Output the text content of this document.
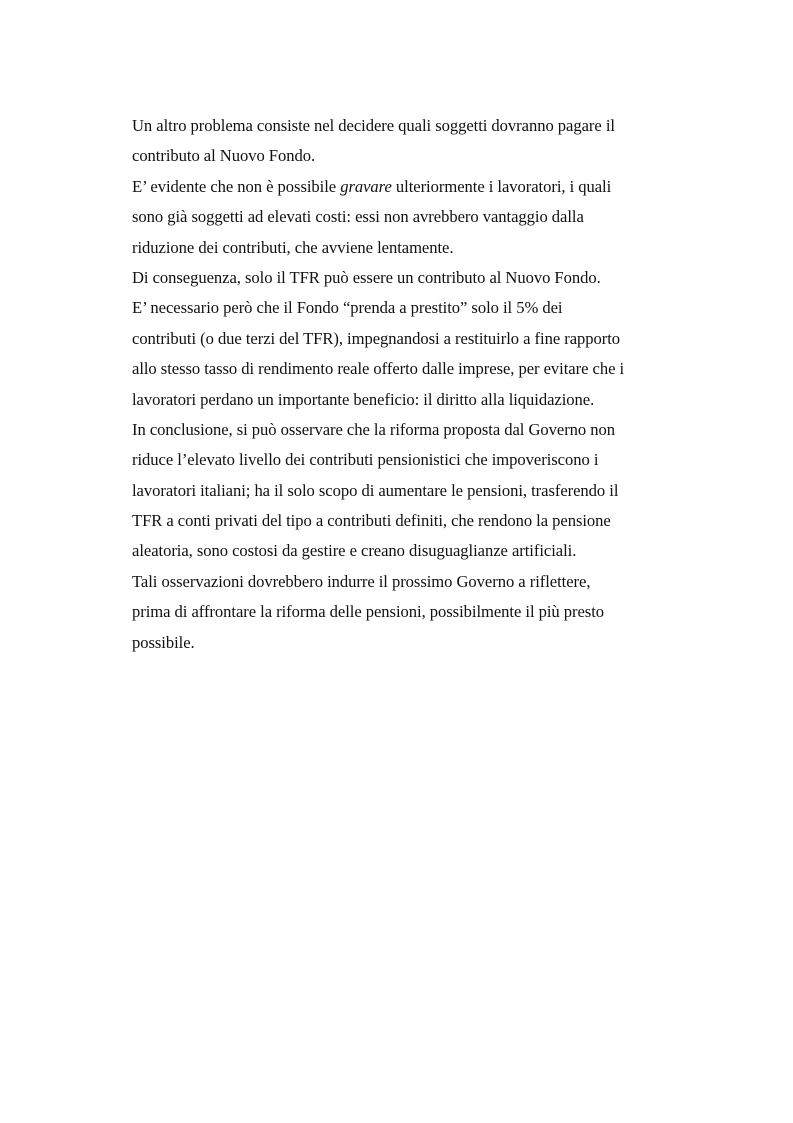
Un altro problema consiste nel decidere quali soggetti dovranno pagare il
contributo al Nuovo Fondo.
E’ evidente che non è possibile gravare ulteriormente i lavoratori, i quali
sono già soggetti ad elevati costi: essi non avrebbero vantaggio dalla
riduzione dei contributi, che avviene lentamente.
Di conseguenza, solo il TFR può essere un contributo al Nuovo Fondo.
E’ necessario però che il Fondo “prenda a prestito” solo il 5% dei
contributi (o due terzi del TFR), impegnandosi a restituirlo a fine rapporto
allo stesso tasso di rendimento reale offerto dalle imprese, per evitare che i
lavoratori perdano un importante beneficio: il diritto alla liquidazione.
In conclusione, si può osservare che la riforma proposta dal Governo non
riduce l’elevato livello dei contributi pensionistici che impoveriscono i
lavoratori italiani; ha il solo scopo di aumentare le pensioni, trasferendo il
TFR a conti privati del tipo a contributi definiti, che rendono la pensione
aleatoria, sono costosi da gestire e creano disuguaglianze artificiali.
Tali osservazioni dovrebbero indurre il prossimo Governo a riflettere,
prima di affrontare la riforma delle pensioni, possibilmente il più presto
possibile.
